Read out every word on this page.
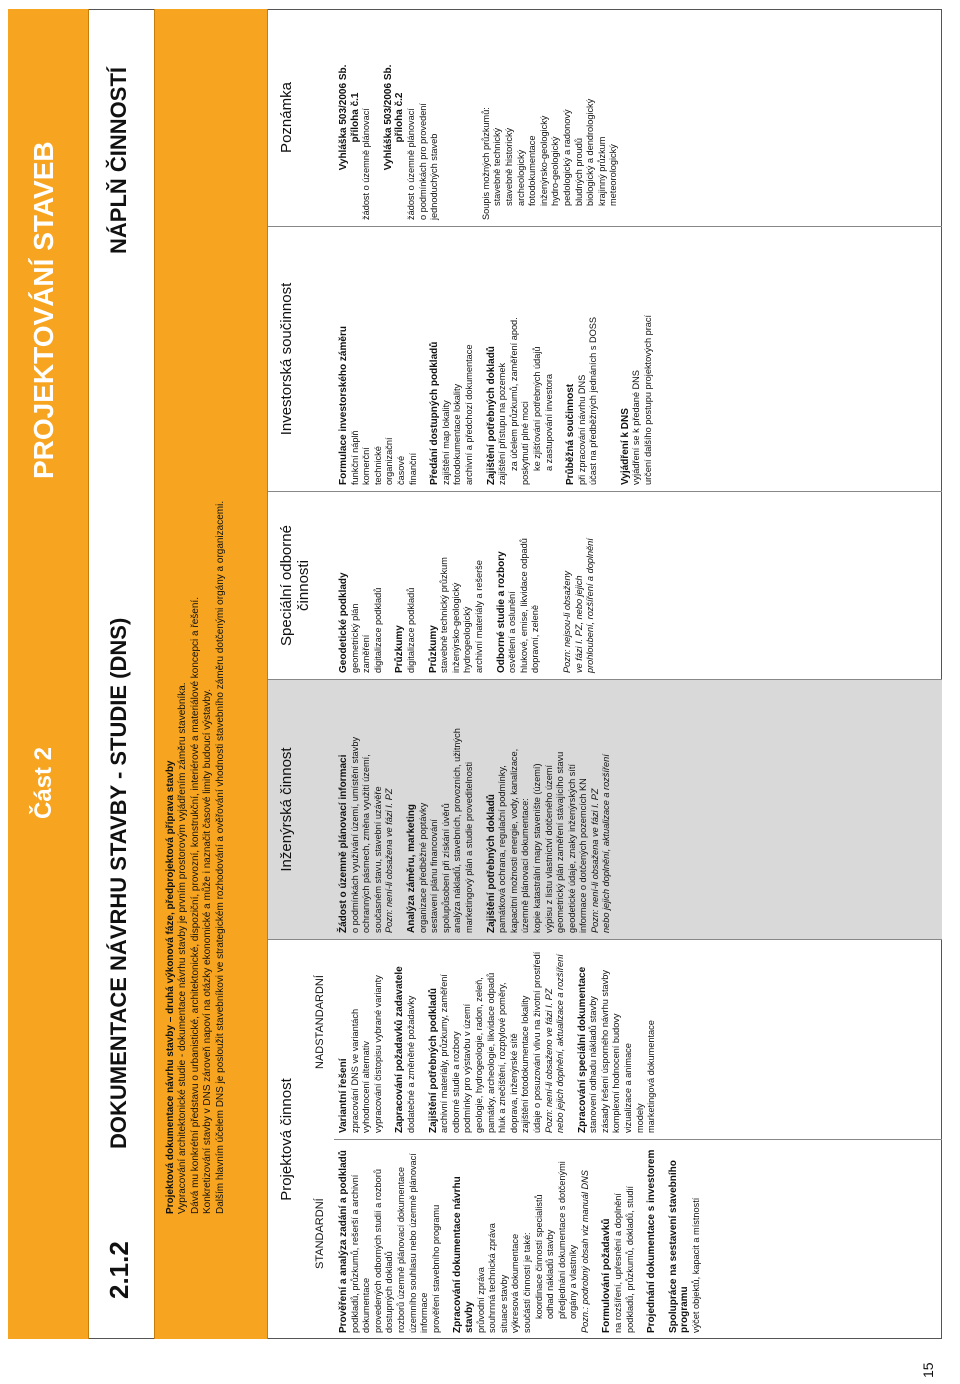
Část 2
PROJEKTOVÁNÍ STAVEB
2.1.2
DOKUMENTACE NÁVRHU STAVBY - STUDIE (DNS)
NÁPLŇ ČINNOSTÍ
Projektová dokumentace návrhu stavby – druhá výkonová fáze, předprojektová příprava stavby Vypracování architektonické studie - dokumentace návrhu stavby je prvním prostorovým vyjádřením záměru stavebníka. Dává mu konkrétní představu o urbanistické, architektonické, dispoziční, provozní, konstrukční, interiérové a materiálové koncepci a řešení. Konkretizování stavby v DNS zároveň napoví na otázky ekonomické a může i naznačit časové limity budoucí výstavby. Dalším hlavním účelem DNS je posloužit stavebníkovi ve strategickém rozhodování a ověřování vhodnosti stavebního záměru dotčenými orgány a organizacemi.	Projektová činnost
STANDARDNÍ
NADSTANDARDNÍ
Inženýrská činnost
Speciální odborné činnosti
Investorská součinnost
Poznámka
Prověření a analýza zadání a podkladů podkladů, průzkumů, rešerší a archivní dokumentace provedených odborných studií a rozborů dostupných dokladů rozborů územně plánovací dokumentace územního souhlasu nebo územně plánovací informace prověření stavebního programu Zpracování dokumentace návrhu stavby průvodní zpráva souhrnná technická zpráva situace stavby výkresová dokumentace součástí činností je také: koordinace činností specialistů odhad nákladů stavby předjednání dokumentace s dotčenými orgány a vlastníky Pozn.: podrobný obsah viz manuál DNS Formulování požadavků na rozšíření, upřesnění a doplnění podkladů, průzkumů, dokladů, studií Projednání dokumentace s investorem Spolupráce na sestavení stavebního programu výčet objektů, kapacit a místností
Variantní řešení zpracování DNS ve variantách vyhodnocení alternativ vypracování čistopisu vybrané varianty Zapracování požadavků zadavatele dodatečné a změněné požadavky Zajištění potřebných podkladů archivní materiály, průzkumy, zaměření odborné studie a rozbory podmínky pro výstavbu v území geologie, hydrogeologie, radon, zeleň, památky, archeologie, likvidace odpadů hluk a znečištění, rozptylové poměry, doprava, inženýrské sítě zajištění fotodokumentace lokality údaje o posuzování vlivu na životní prostředí Pozn: není-li obsaženo ve fázi I. PZ nebo jejich doplnění, aktualizace a rozšíření Zpracování speciální dokumentace stanovení odhadu nákladů stavby zásady řešení úsporného návrhu stavby komplexní hodnocení budovy vizualizace a animace modely marketingová dokumentace
Žádost o územně plánovací informaci o podmínkách využívání území, umístění stavby ochranných pásmech, změna využití území, současném stavu, stavební uzávěře Pozn: není-li obsažena ve fázi I. PZ Analýza záměru, marketing organizace předběžné poptávky sestavení plánu financování spolupůsobení při získání úvěrů analýza nákladů, stavebních, provozních, užitných marketingový plán a studie proveditelnosti Zajištění potřebných dokladů památková ochrana, regulační podmínky, kapacitní možnosti energie, vody, kanalizace, územně plánovací dokumentace: kopie katastrální mapy stavenište (území) výpisu z listu vlastnictví dotčeného území geometrický plán zaměření stávajícího stavu geodetické údaje, znaky inženýrských sítí informace o dotčených pozemcích KN Pozn: není-li obsažena ve fázi I. PZ nebo jejich doplnění, aktualizace a rozšíření
Geodetické podklady geometrický plán zaměření digitalizace podkladů Průzkumy digitalizace podkladů Průzkumy stavebně technický průzkum inženýrsko-geologický hydrogeologický archivní materiály a rešerše Odborné studie a rozbory osvětlení a oslunění hlukové, emise, likvidace odpadů dopravní, zeleně Pozn: nejsou-li obsaženy ve fázi I. PZ, nebo jejich prohloubení, rozšíření a doplnění
Formulace investorského záměru funkční náplň komerční technické organizační časové finanční Předání dostupných podkladů zajištění map lokality fotodokumentace lokality archivní a předchozí dokumentace Zajištění potřebných dokladů zajištění přístupu na pozemek za účelem průzkumů, zaměření apod. poskytnutí plné moci ke zjišťování potřebných údajů a zastupování investora Průběžná součinnost při zpracování návrhu DNS účast na předběžných jednáních s DOSS Vyjádření k DNS vyjádření se k předané DNS určení dalšího postupu projektových prací
Vyhláška 503/2006 Sb. příloha č.1 žádost o územně plánovací Vyhláška 503/2006 Sb. příloha č.2 žádost o územně plánovací o podmínkách pro provedení jednoduchých staveb	Soupis možných průzkumů: stavebně technický stavebně historický archeologický fotodokumentace inženýrsko-geologický hydro-geologický pedologický a radonový bludných proudů biologický a dendrologický krajinný průzkum meteorologický
15
